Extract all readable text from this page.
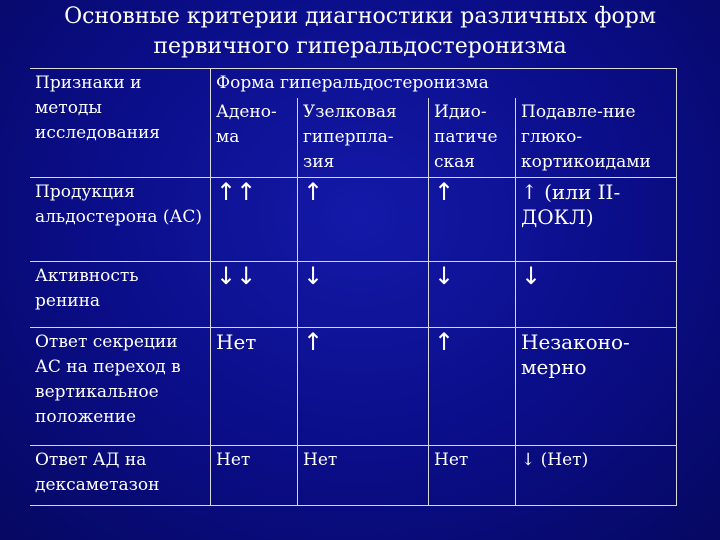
Основные критерии диагностики различных форм
первичного гиперальдостеронизма
Признаки и методы исследования	Форма гиперальдостеронизма			
	Адено-ма	Узелковая гиперпла-зия	Идио-патиче ская	Подавле-ние глюко-кортикоидами
Продукция альдостерона (АС)	↑↑	↑	↑	↑ (или II-ДОКЛ)
Активность ренина	↓↓	↓	↓	↓
Ответ секреции АС на переход в вертикальное положение	Нет	↑	↑	Незаконо-мерно
Ответ АД на дексаметазон	Нет	Нет	Нет	↓ (Нет)
